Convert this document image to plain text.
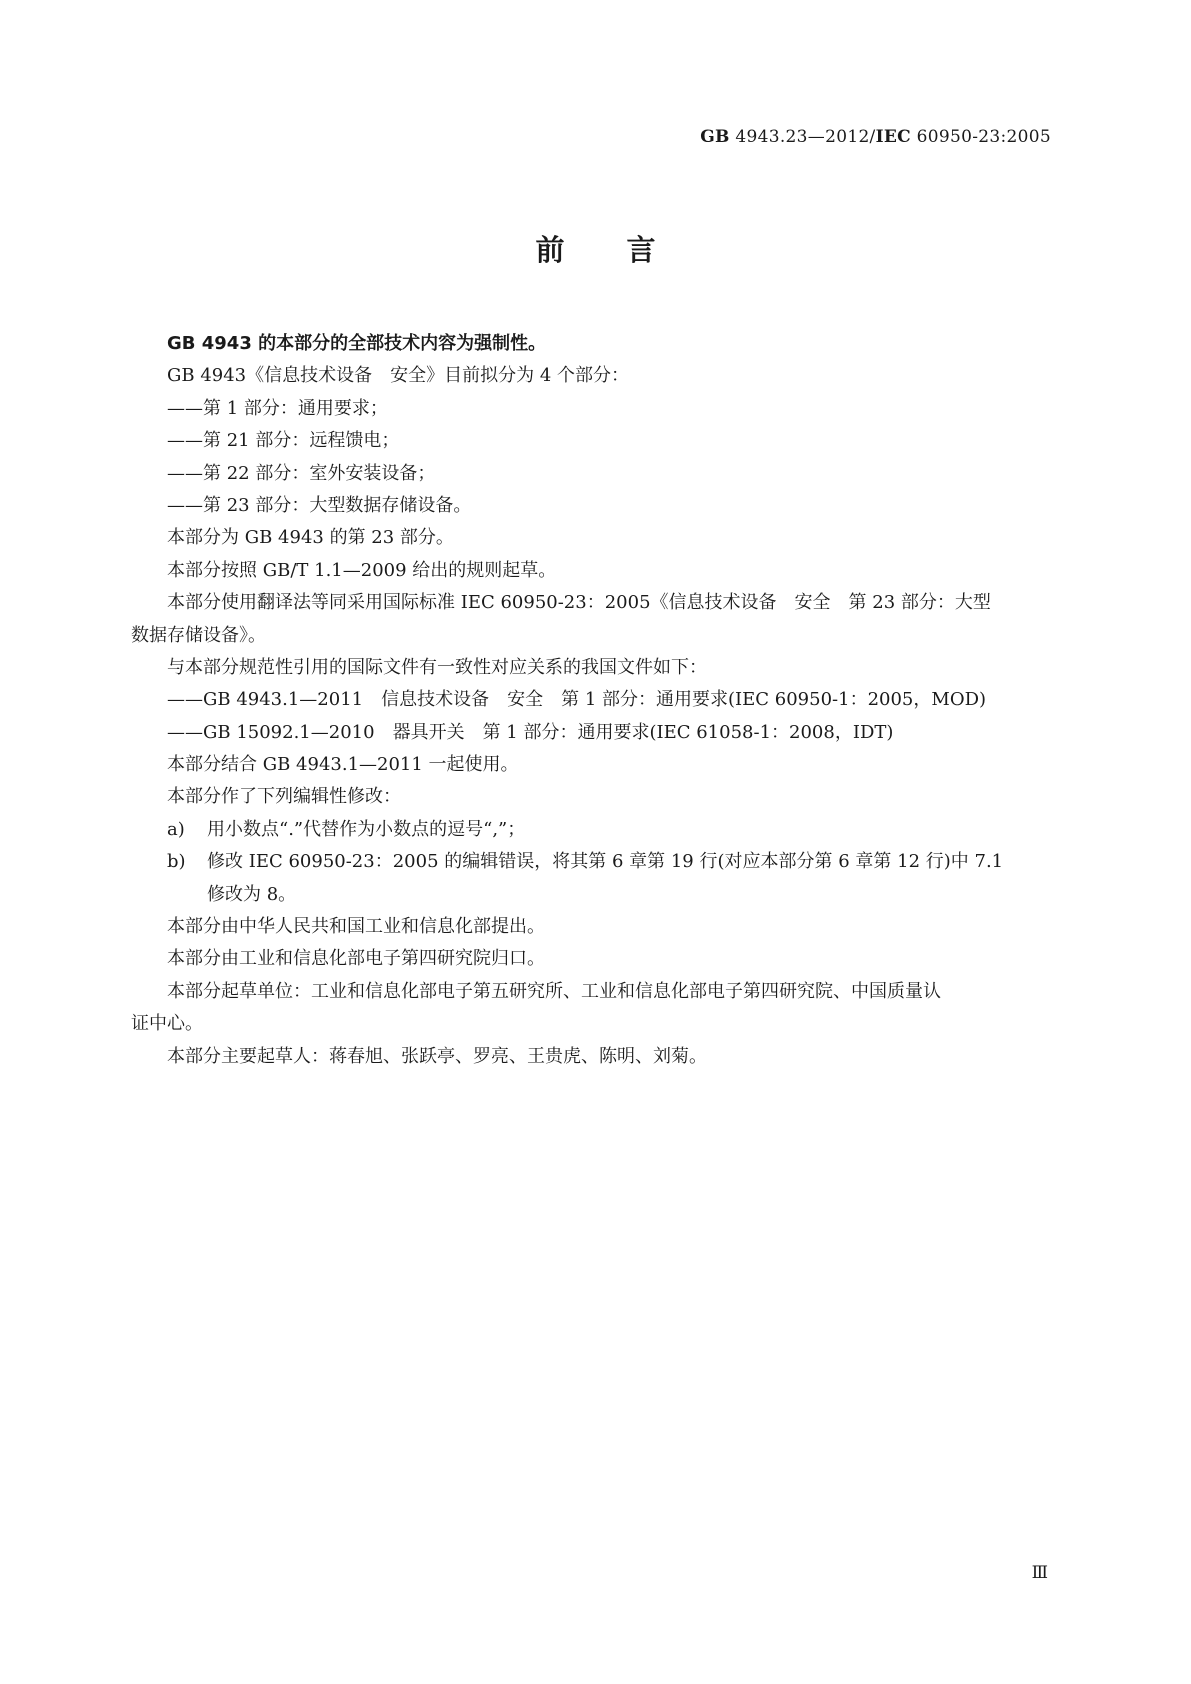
GB 4943.23—2012/IEC 60950-23:2005
前言
GB 4943 的本部分的全部技术内容为强制性。
GB 4943《信息技术设备　安全》目前拟分为 4 个部分：
——第 1 部分：通用要求；
——第 21 部分：远程馈电；
——第 22 部分：室外安装设备；
——第 23 部分：大型数据存储设备。
本部分为 GB 4943 的第 23 部分。
本部分按照 GB/T 1.1—2009 给出的规则起草。
本部分使用翻译法等同采用国际标准 IEC 60950-23：2005《信息技术设备　安全　第 23 部分：大型
数据存储设备》。
与本部分规范性引用的国际文件有一致性对应关系的我国文件如下：
——GB 4943.1—2011　信息技术设备　安全　第 1 部分：通用要求(IEC 60950-1：2005，MOD)
——GB 15092.1—2010　器具开关　第 1 部分：通用要求(IEC 61058-1：2008，IDT)
本部分结合 GB 4943.1—2011 一起使用。
本部分作了下列编辑性修改：
a) 用小数点“.”代替作为小数点的逗号“,”；
b) 修改 IEC 60950-23：2005 的编辑错误，将其第 6 章第 19 行(对应本部分第 6 章第 12 行)中 7.1
修改为 8。
本部分由中华人民共和国工业和信息化部提出。
本部分由工业和信息化部电子第四研究院归口。
本部分起草单位：工业和信息化部电子第五研究所、工业和信息化部电子第四研究院、中国质量认
证中心。
本部分主要起草人：蒋春旭、张跃亭、罗亮、王贵虎、陈明、刘菊。
Ⅲ
